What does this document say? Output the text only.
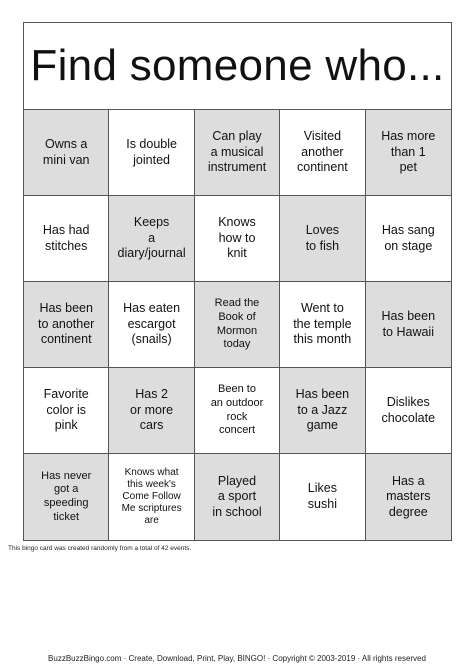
Find someone who...
Owns a
mini van
Is double
jointed
Can play
a musical
instrument
Visited
another
continent
Has more
than 1
pet
Has had
stitches
Keeps
a
diary/journal
Knows
how to
knit
Loves
to fish
Has sang
on stage
Has been
to another
continent
Has eaten
escargot
(snails)
Read the
Book of
Mormon
today
Went to
the temple
this month
Has been
to Hawaii
Favorite
color is
pink
Has 2
or more
cars
Been to
an outdoor
rock
concert
Has been
to a Jazz
game
Dislikes
chocolate
Has never
got a
speeding
ticket
Knows what
this week's
Come Follow
Me scriptures
are
Played
a sport
in school
Likes
sushi
Has a
masters
degree
This bingo card was created randomly from a total of 42 events.
BuzzBuzzBingo.com · Create, Download, Print, Play, BINGO! · Copyright © 2003-2019 · All rights reserved
